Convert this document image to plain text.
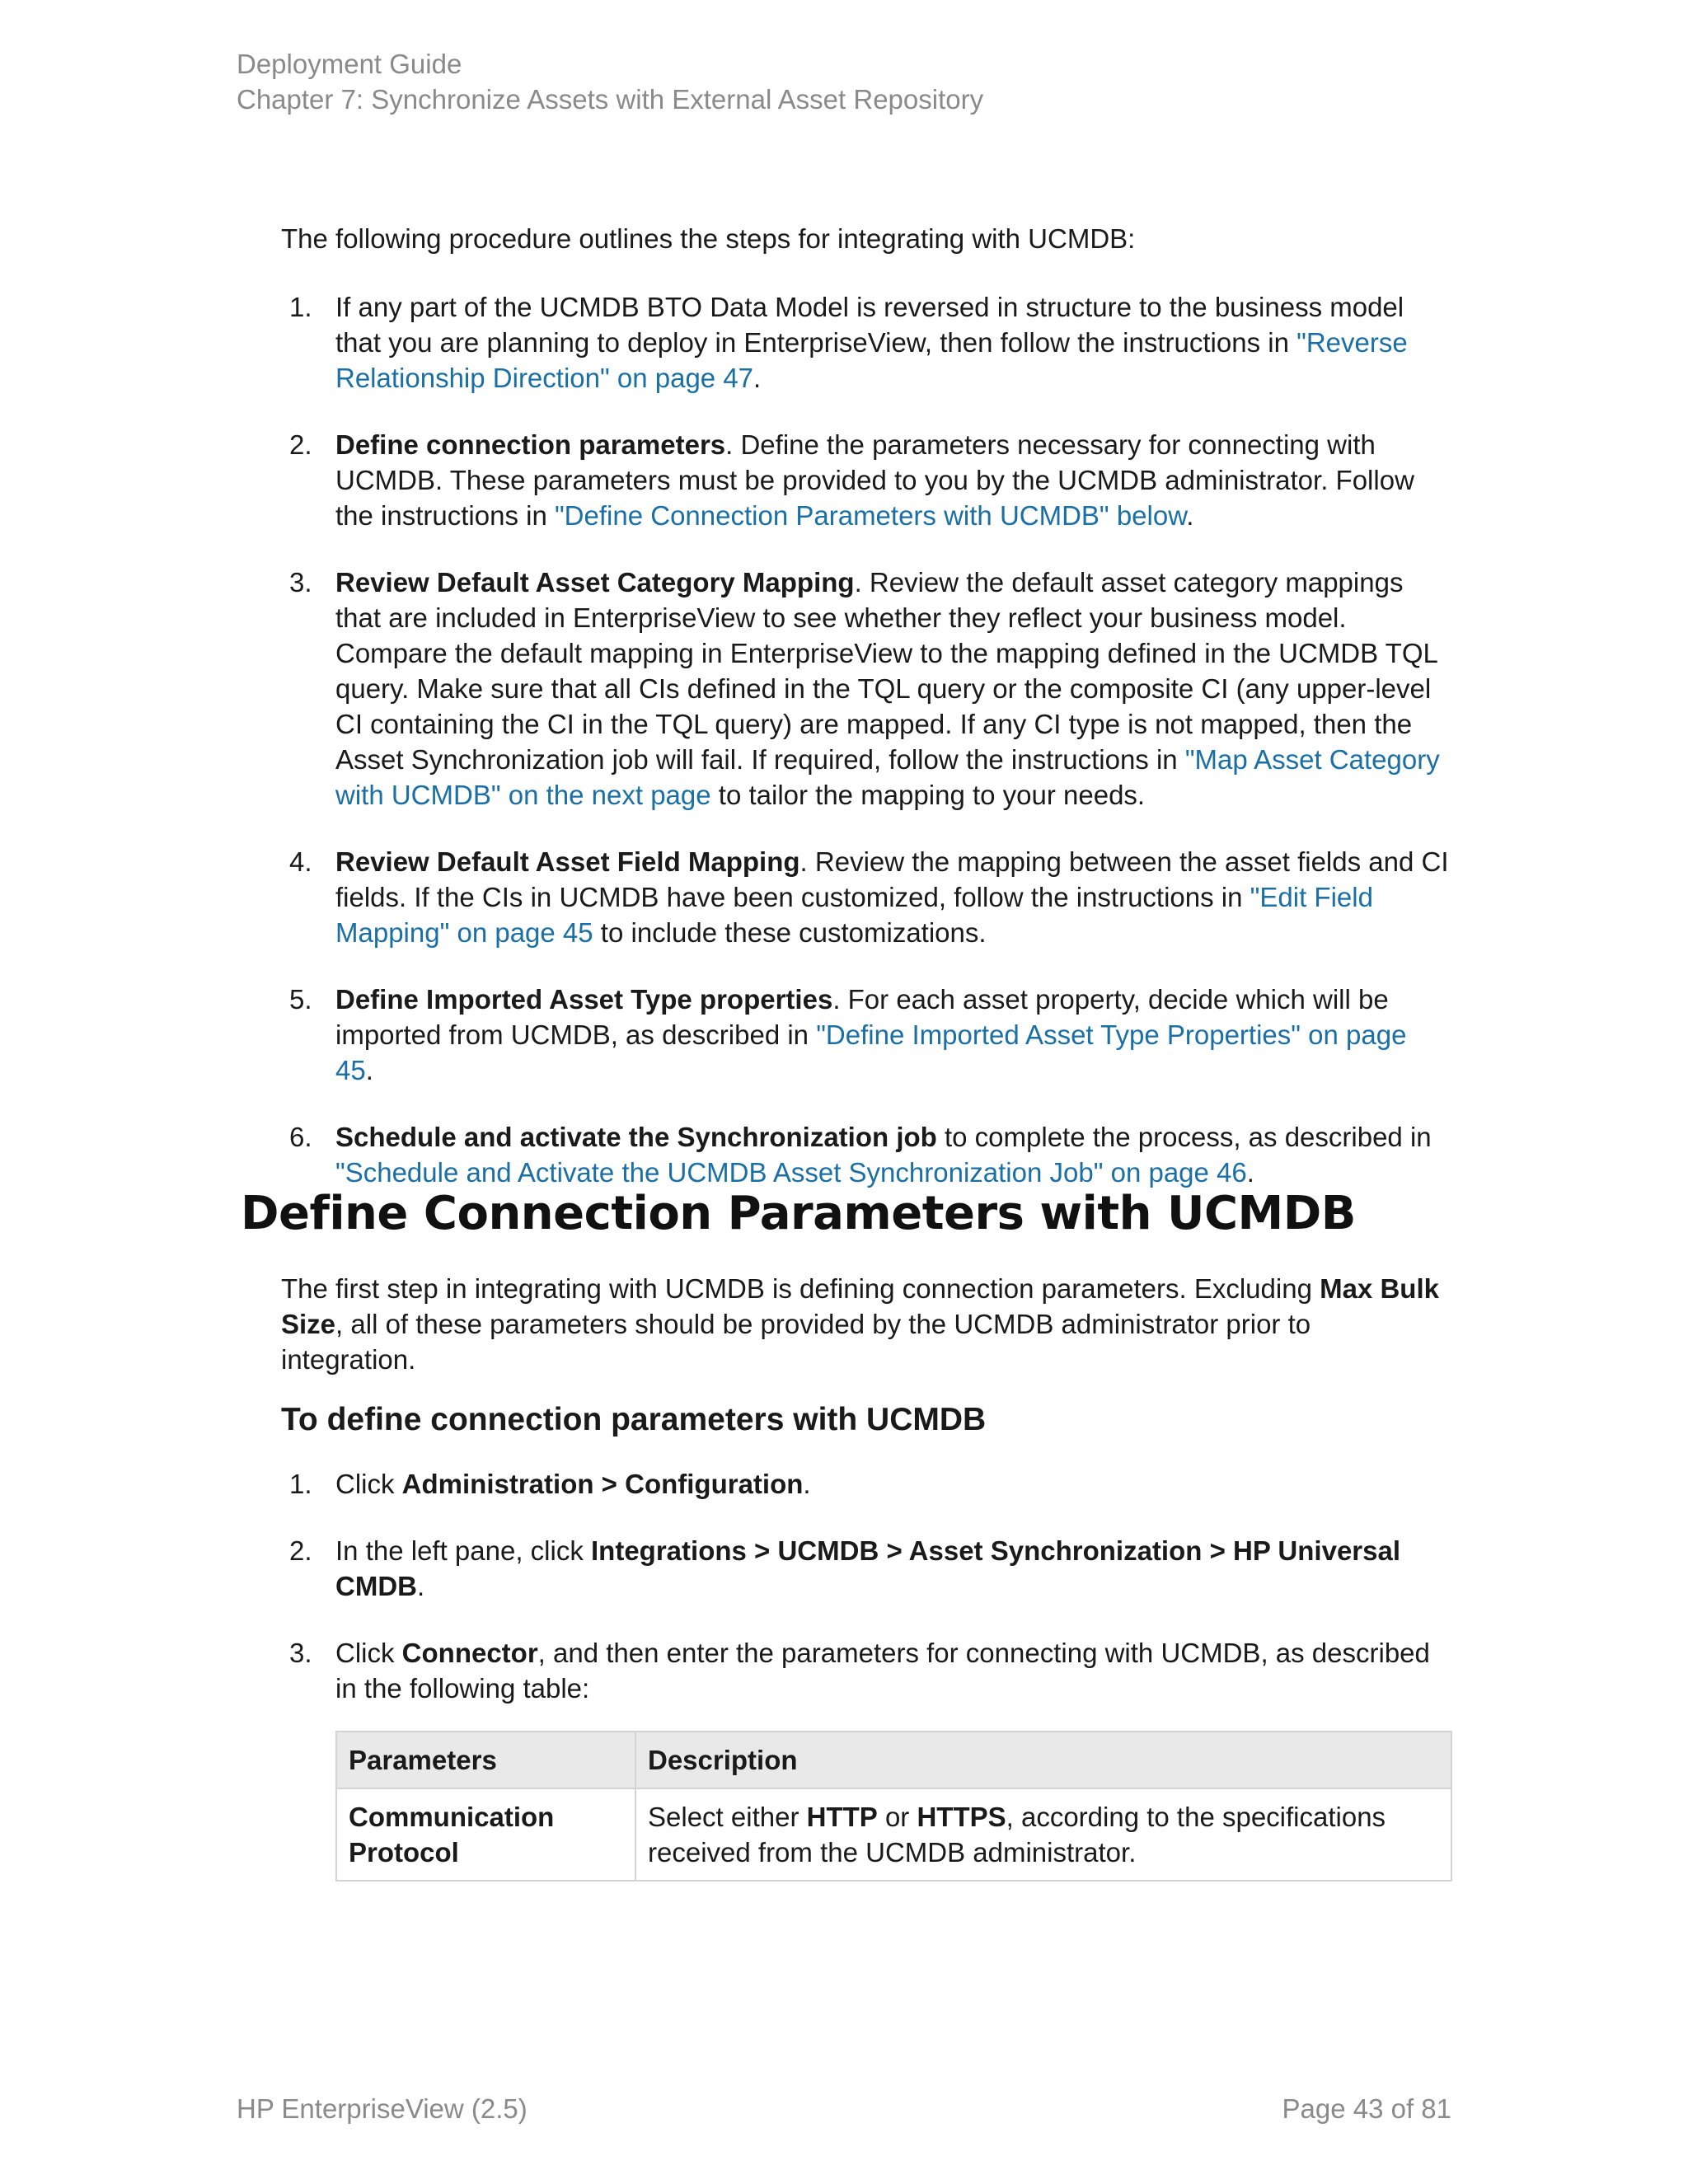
Deployment Guide
Chapter 7: Synchronize Assets with External Asset Repository

The following procedure outlines the steps for integrating with UCMDB:

1. If any part of the UCMDB BTO Data Model is reversed in structure to the business model that you are planning to deploy in EnterpriseView, then follow the instructions in "Reverse Relationship Direction" on page 47.
2. Define connection parameters. Define the parameters necessary for connecting with UCMDB. These parameters must be provided to you by the UCMDB administrator. Follow the instructions in "Define Connection Parameters with UCMDB" below.
3. Review Default Asset Category Mapping. Review the default asset category mappings that are included in EnterpriseView to see whether they reflect your business model. Compare the default mapping in EnterpriseView to the mapping defined in the UCMDB TQL query. Make sure that all CIs defined in the TQL query or the composite CI (any upper-level CI containing the CI in the TQL query) are mapped. If any CI type is not mapped, then the Asset Synchronization job will fail. If required, follow the instructions in "Map Asset Category with UCMDB" on the next page to tailor the mapping to your needs.
4. Review Default Asset Field Mapping. Review the mapping between the asset fields and CI fields. If the CIs in UCMDB have been customized, follow the instructions in "Edit Field Mapping" on page 45 to include these customizations.
5. Define Imported Asset Type properties. For each asset property, decide which will be imported from UCMDB, as described in "Define Imported Asset Type Properties" on page 45.
6. Schedule and activate the Synchronization job to complete the process, as described in "Schedule and Activate the UCMDB Asset Synchronization Job" on page 46.
Define Connection Parameters with UCMDB

The first step in integrating with UCMDB is defining connection parameters. Excluding Max Bulk Size, all of these parameters should be provided by the UCMDB administrator prior to integration.

To define connection parameters with UCMDB
1. Click Administration > Configuration.
2. In the left pane, click Integrations > UCMDB > Asset Synchronization > HP Universal CMDB.
3. Click Connector, and then enter the parameters for connecting with UCMDB, as described in the following table:
Parameters	Description
Communication Protocol	Select either HTTP or HTTPS, according to the specifications received from the UCMDB administrator.
HP EnterpriseView (2.5)	Page 43 of 81
